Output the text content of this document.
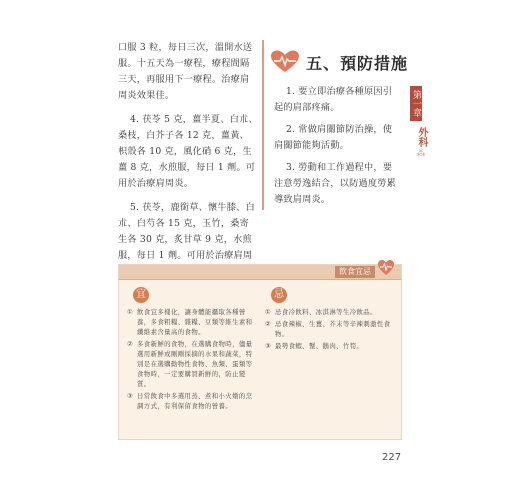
口服 3 粒，每日三次，溫開水送服。十五天為一療程，療程間隔三天，再服用下一療程。治療肩周炎效果佳。

4. 茯苓 5 克，薑半夏、白朮、桑枝，白芥子各 12 克，薑黃、枳殼各 10 克，風化硝 6 克，生薑 8 克，水煎服，每日 1 劑。可用於治療肩周炎。

5. 茯苓，鹿銜草、懷牛膝、白朮、白芍各 15 克，玉竹，桑寄生各 30 克，炙甘草 9 克，水煎服，每日 1 劑。可用於治療肩周

五、預防措施

1. 要立即治療各種原因引起的肩部疼痛。

2. 常做肩關節防治操，使肩關節能夠活動。

3. 勞動和工作過程中，要注意勞逸結合，以防過度勞累導致肩周炎。

第一章
外科
⁂
飲食宜忌
宜
① 飲食宜多樣化，讓身體能攝取各種營養，多食粗糧、雜糧、豆類等維生素和纖維素含量高的食物。
② 多食新鮮的食物，在選購食物時，儘量選用新鮮或剛剛採摘的水果和蔬菜，特別是在選購動物性食物、魚類、蛋類等食物時，一定要購買新鮮的，防止變質。
③ 日常飲食中多選用蒸、煮和小火燉的烹調方式，有利保留食物的營養。
忌
① 忌食冷飲料、冰淇淋等生冷飲品。
② 忌食辣椒、生薑、芥末等辛辣刺激性食物。
③ 最勢食蝦、蟹、鵝肉、竹筍。
227
